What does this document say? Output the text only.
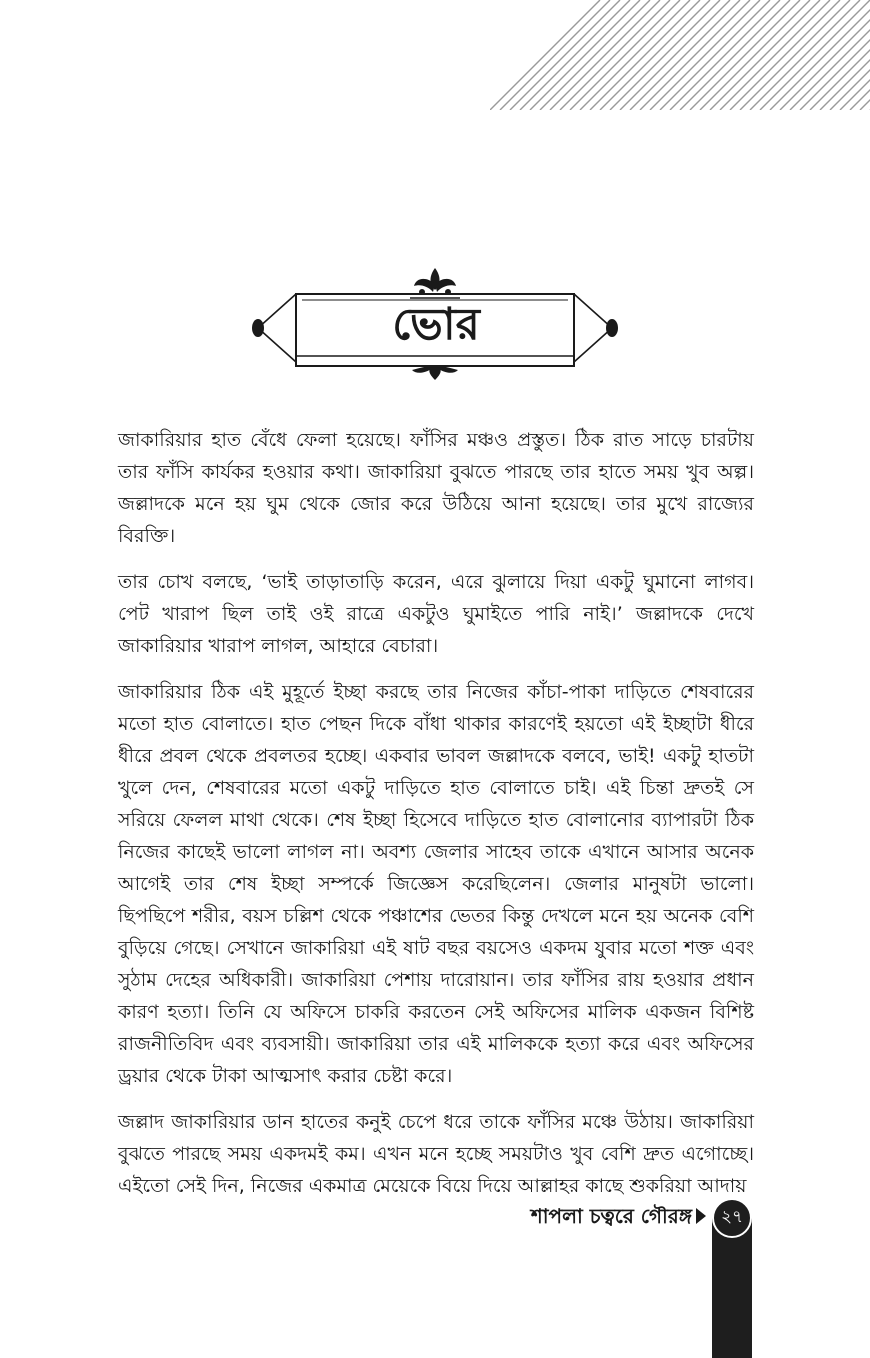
ভোর

জাকারিয়ার হাত বেঁধে ফেলা হয়েছে। ফাঁসির মঞ্চও প্রস্তুত। ঠিক রাত সাড়ে চারটায় তার ফাঁসি কার্যকর হওয়ার কথা। জাকারিয়া বুঝতে পারছে তার হাতে সময় খুব অল্প। জল্লাদকে মনে হয় ঘুম থেকে জোর করে উঠিয়ে আনা হয়েছে। তার মুখে রাজ্যের বিরক্তি।

তার চোখ বলছে, ‘ভাই তাড়াতাড়ি করেন, এরে ঝুলায়ে দিয়া একটু ঘুমানো লাগব। পেট খারাপ ছিল তাই ওই রাত্রে একটুও ঘুমাইতে পারি নাই।’ জল্লাদকে দেখে জাকারিয়ার খারাপ লাগল, আহারে বেচারা।

জাকারিয়ার ঠিক এই মুহূর্তে ইচ্ছা করছে তার নিজের কাঁচা-পাকা দাড়িতে শেষবারের মতো হাত বোলাতে। হাত পেছন দিকে বাঁধা থাকার কারণেই হয়তো এই ইচ্ছাটা ধীরে ধীরে প্রবল থেকে প্রবলতর হচ্ছে। একবার ভাবল জল্লাদকে বলবে, ভাই! একটু হাতটা খুলে দেন, শেষবারের মতো একটু দাড়িতে হাত বোলাতে চাই। এই চিন্তা দ্রুতই সে সরিয়ে ফেলল মাথা থেকে। শেষ ইচ্ছা হিসেবে দাড়িতে হাত বোলানোর ব্যাপারটা ঠিক নিজের কাছেই ভালো লাগল না। অবশ্য জেলার সাহেব তাকে এখানে আসার অনেক আগেই তার শেষ ইচ্ছা সম্পর্কে জিজ্ঞেস করেছিলেন। জেলার মানুষটা ভালো। ছিপছিপে শরীর, বয়স চল্লিশ থেকে পঞ্চাশের ভেতর কিন্তু দেখলে মনে হয় অনেক বেশি বুড়িয়ে গেছে। সেখানে জাকারিয়া এই ষাট বছর বয়সেও একদম যুবার মতো শক্ত এবং সুঠাম দেহের অধিকারী। জাকারিয়া পেশায় দারোয়ান। তার ফাঁসির রায় হওয়ার প্রধান কারণ হত্যা। তিনি যে অফিসে চাকরি করতেন সেই অফিসের মালিক একজন বিশিষ্ট রাজনীতিবিদ এবং ব্যবসায়ী। জাকারিয়া তার এই মালিককে হত্যা করে এবং অফিসের ড্রয়ার থেকে টাকা আত্মসাৎ করার চেষ্টা করে।

জল্লাদ জাকারিয়ার ডান হাতের কনুই চেপে ধরে তাকে ফাঁসির মঞ্চে উঠায়। জাকারিয়া বুঝতে পারছে সময় একদমই কম। এখন মনে হচ্ছে সময়টাও খুব বেশি দ্রুত এগোচ্ছে। এইতো সেই দিন, নিজের একমাত্র মেয়েকে বিয়ে দিয়ে আল্লাহর কাছে শুকরিয়া আদায়

শাপলা চত্বরে গৌরঙ্গ	২৭
